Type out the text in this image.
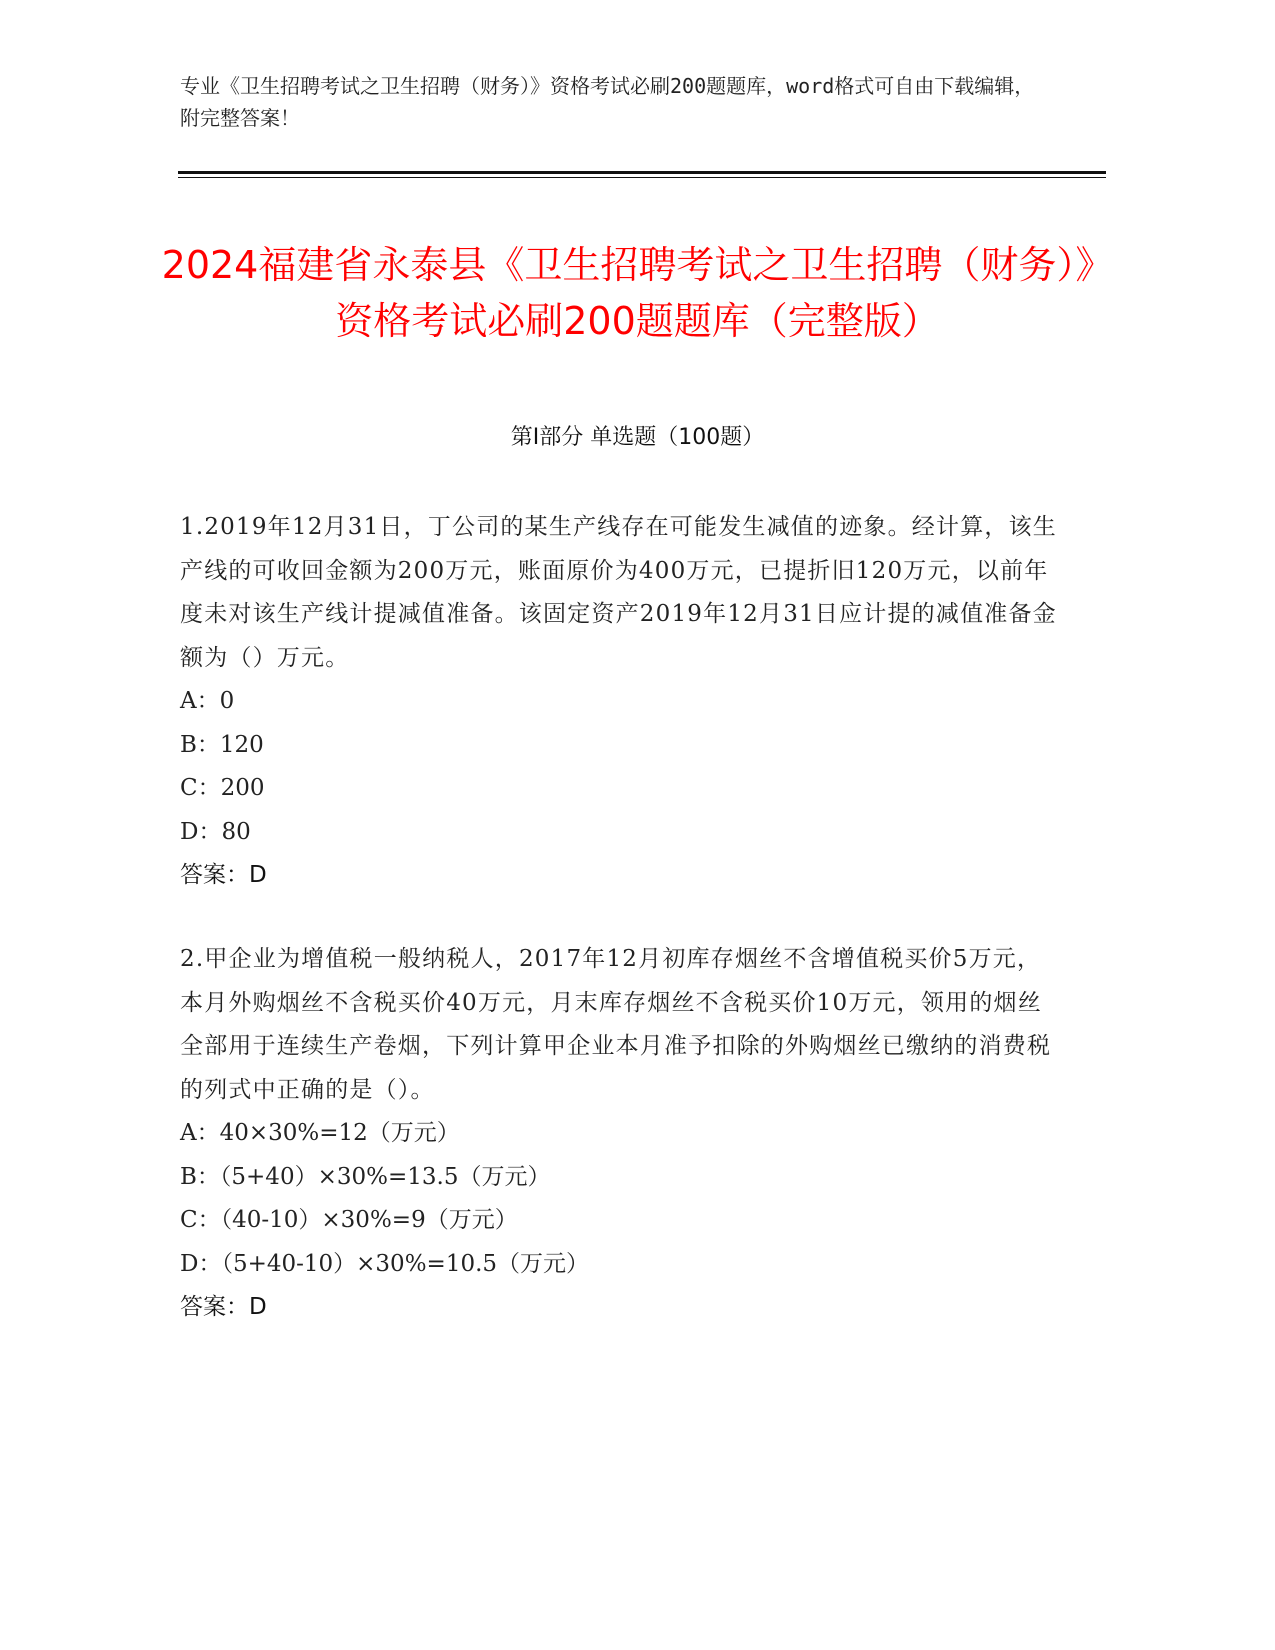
专业《卫生招聘考试之卫生招聘（财务）》资格考试必刷200题题库，word格式可自由下载编辑，附完整答案！
2024福建省永泰县《卫生招聘考试之卫生招聘（财务）》资格考试必刷200题题库（完整版）
第Ⅰ部分 单选题（100题）

1.2019年12月31日，丁公司的某生产线存在可能发生减值的迹象。经计算，该生产线的可收回金额为200万元，账面原价为400万元，已提折旧120万元，以前年度未对该生产线计提减值准备。该固定资产2019年12月31日应计提的减值准备金额为（）万元。

A：0

B：120

C：200

D：80

答案：D

2.甲企业为增值税一般纳税人，2017年12月初库存烟丝不含增值税买价5万元，本月外购烟丝不含税买价40万元，月末库存烟丝不含税买价10万元，领用的烟丝全部用于连续生产卷烟，下列计算甲企业本月准予扣除的外购烟丝已缴纳的消费税的列式中正确的是（）。

A：40×30%=12（万元）

B：（5+40）×30%=13.5（万元）

C：（40-10）×30%=9（万元）

D：（5+40-10）×30%=10.5（万元）

答案：D
